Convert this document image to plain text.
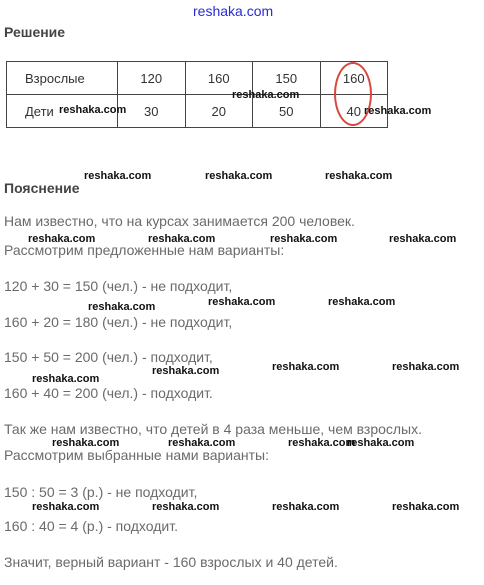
reshaka.com
Решение
Взрослые	120	160	150	160
Дети	30	20	50	40
Пояснение
Нам известно, что на курсах занимается 200 человек.
Рассмотрим предложенные нам варианты:
120 + 30 = 150 (чел.) - не подходит,
160 + 20 = 180 (чел.) - не подходит,
150 + 50 = 200 (чел.) - подходит,
160 + 40 = 200 (чел.) - подходит.
Так же нам известно, что детей в 4 раза меньше, чем взрослых.
Рассмотрим выбранные нами варианты:
150 : 50 = 3 (р.) - не подходит,
160 : 40 = 4 (р.) - подходит.
Значит, верный вариант - 160 взрослых и 40 детей.
reshaka.com
reshaka.com
reshaka.com
reshaka.com	reshaka.com	reshaka.com
reshaka.com	reshaka.com	reshaka.com	reshaka.com
reshaka.com	reshaka.com	reshaka.com
reshaka.com
reshaka.com	reshaka.com	reshaka.com
reshaka.com	reshaka.com	reshaka.com
reshaka.com
reshaka.com	reshaka.com	reshaka.com	reshaka.com
